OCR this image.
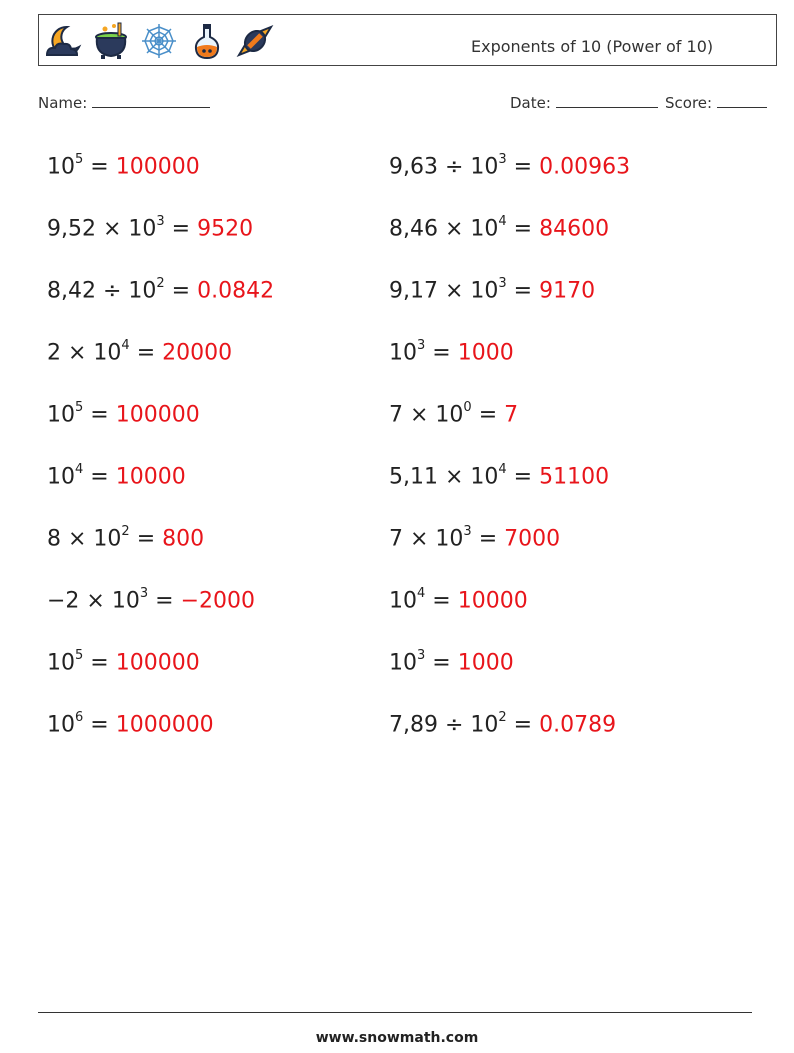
Exponents of 10 (Power of 10)
Name:	Date:	Score:
$10^5 = 100000$	$9,63 \div 10^3 = 0.00963$
$9,52 \times 10^3 = 9520$	$8,46 \times 10^4 = 84600$
$8,42 \div 10^2 = 0.0842$	$9,17 \times 10^3 = 9170$
$2 \times 10^4 = 20000$	$10^3 = 1000$
$10^5 = 100000$	$7 \times 10^0 = 7$
$10^4 = 10000$	$5,11 \times 10^4 = 51100$
$8 \times 10^2 = 800$	$7 \times 10^3 = 7000$
$-2 \times 10^3 = -2000$	$10^4 = 10000$
$10^5 = 100000$	$10^3 = 1000$
$10^6 = 1000000$	$7,89 \div 10^2 = 0.0789$
www.snowmath.com
